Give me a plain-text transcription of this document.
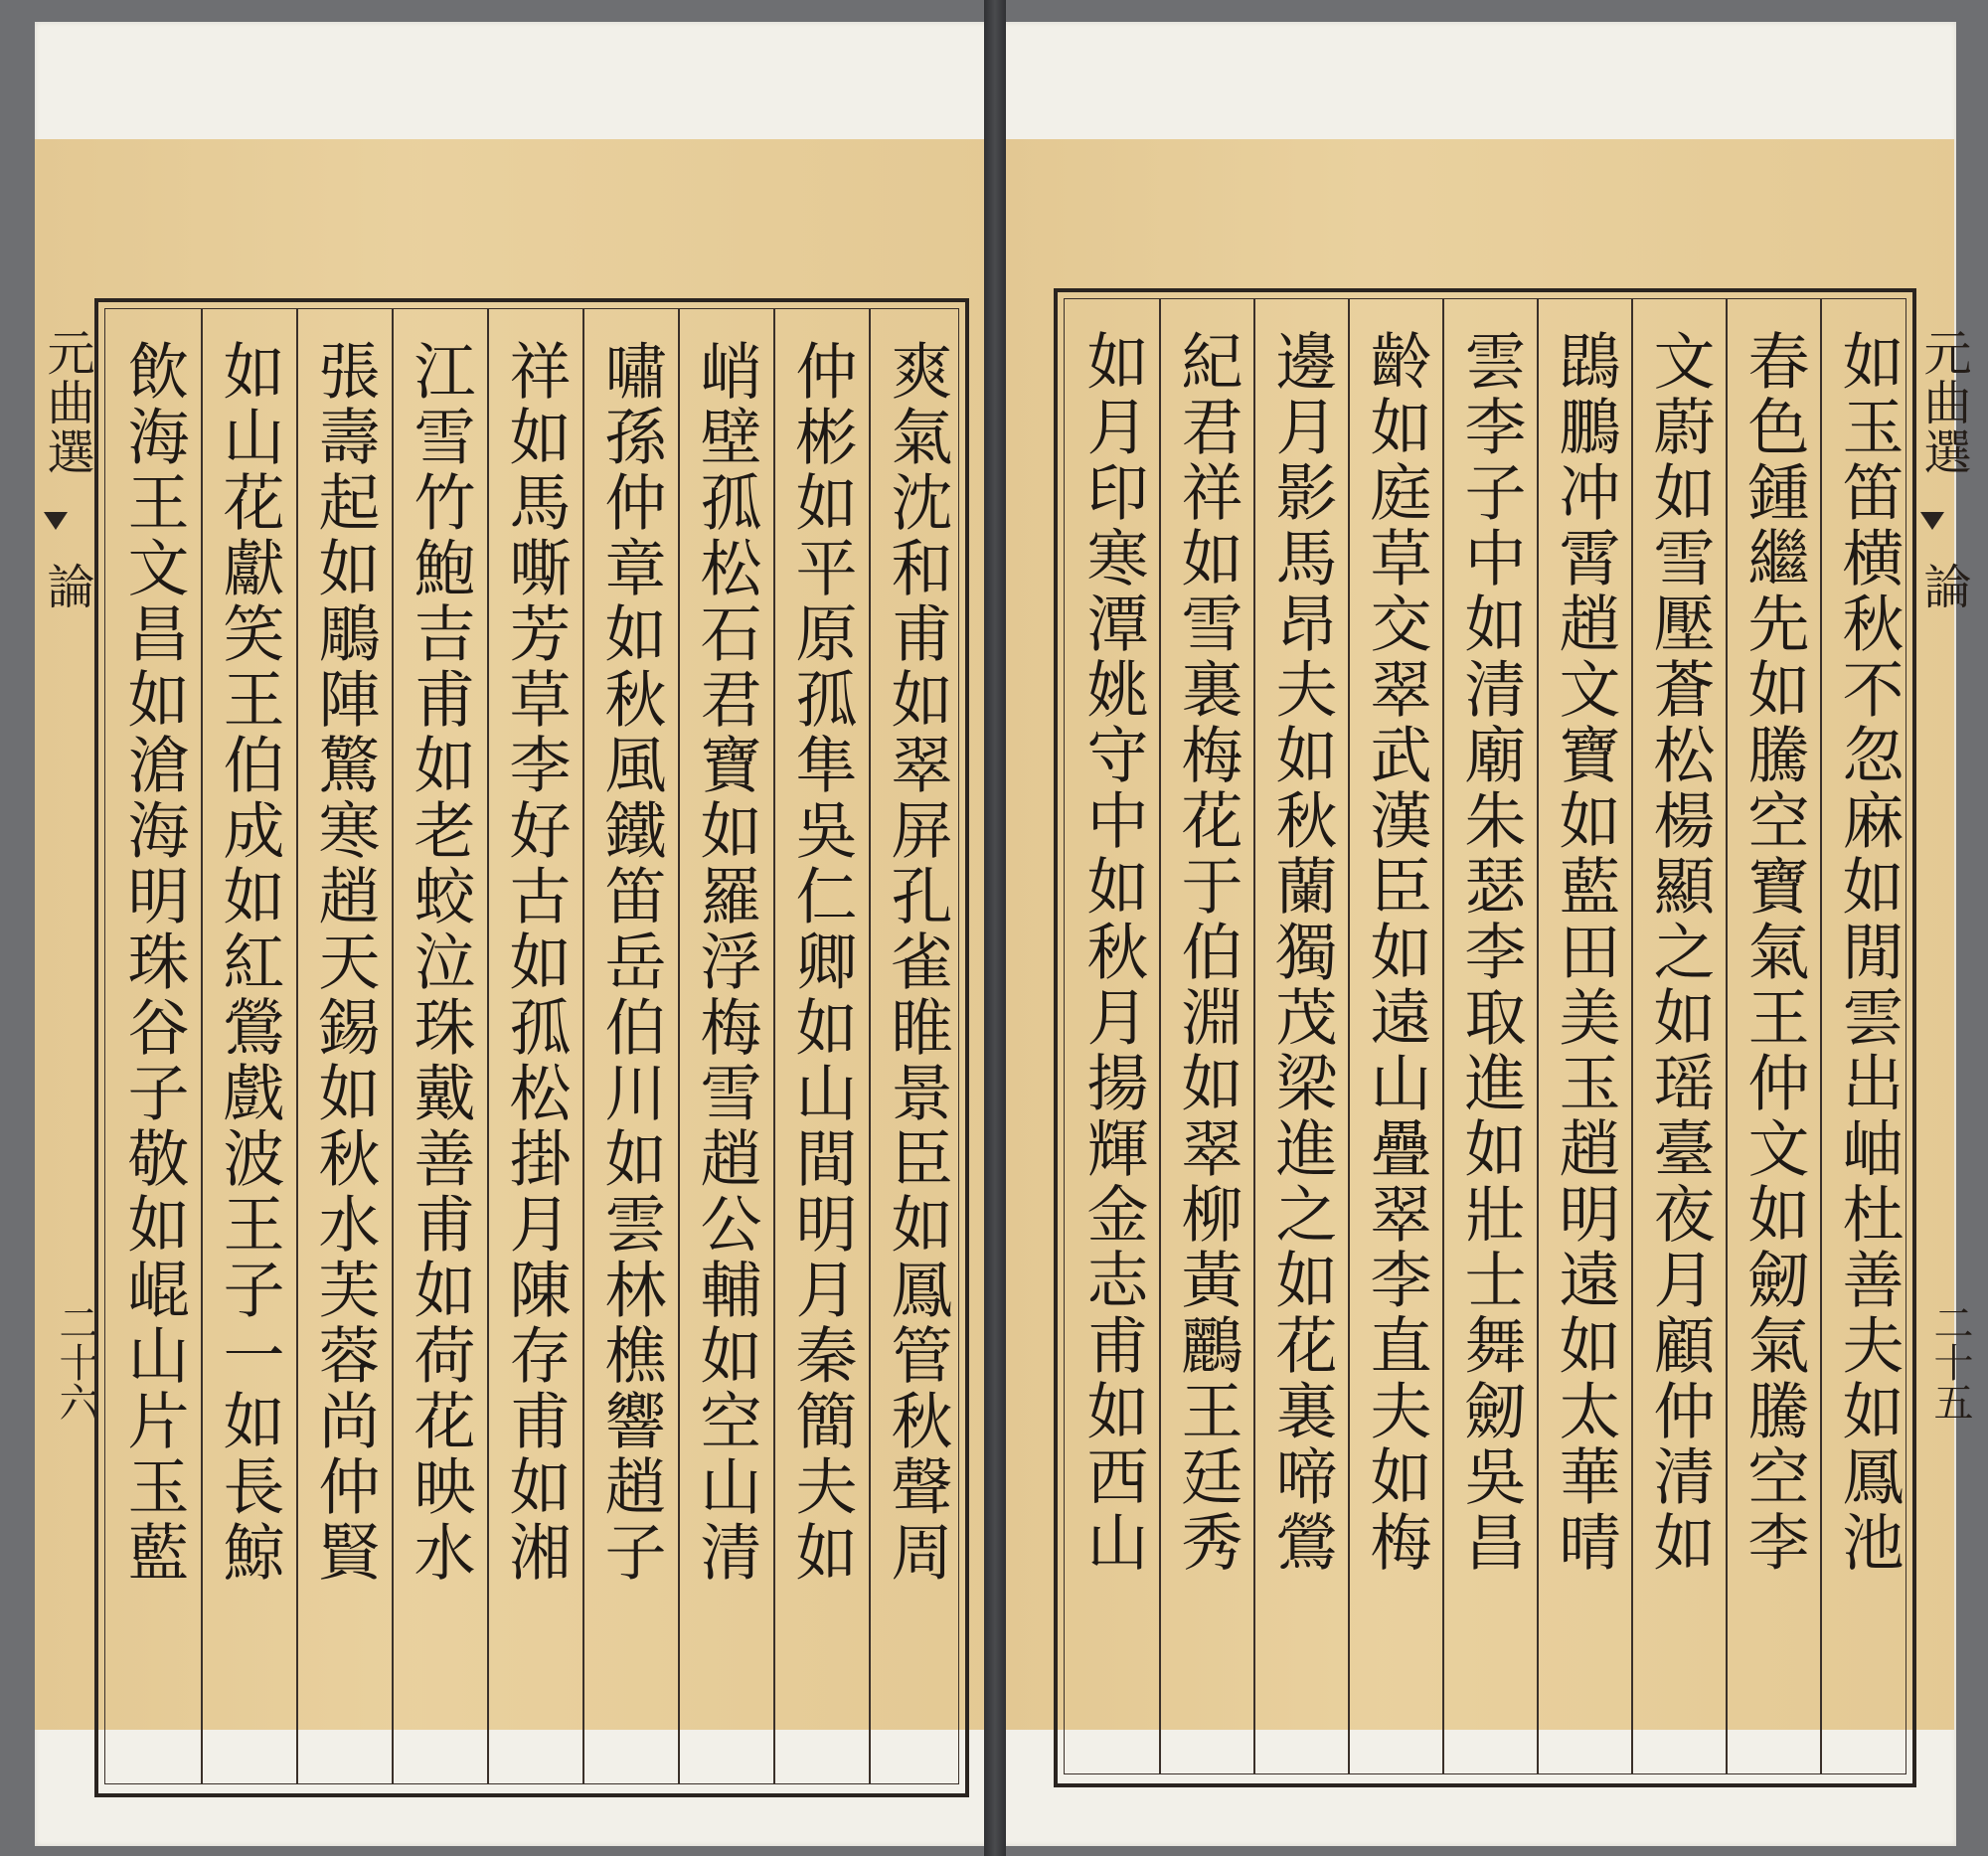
元曲選
論
二十六	爽氣沈和甫如翠屏孔雀睢景臣如鳳管秋聲周
仲彬如平原孤隼吳仁卿如山間明月秦簡夫如
峭壁孤松石君寶如羅浮梅雪趙公輔如空山清
嘯孫仲章如秋風鐵笛岳伯川如雲林樵響趙子
祥如馬嘶芳草李好古如孤松掛月陳存甫如湘
江雪竹鮑吉甫如老蛟泣珠戴善甫如荷花映水
張壽起如鵰陣驚寒趙天錫如秋水芙蓉尚仲賢
如山花獻笑王伯成如紅鶯戲波王子一如長鯨
飲海王文昌如滄海明珠谷子敬如崐山片玉藍	如玉笛横秋不忽麻如閒雲出岫杜善夫如鳳池
春色鍾繼先如騰空寶氣王仲文如劒氣騰空李
文蔚如雪壓蒼松楊顯之如瑶臺夜月顧仲清如
鵾鵬冲霄趙文寶如藍田美玉趙明遠如太華晴
雲李子中如清廟朱瑟李取進如壯士舞劒吳昌
齡如庭草交翠武漢臣如遠山疊翠李直夫如梅
邊月影馬昂夫如秋蘭獨茂梁進之如花裏啼鶯
紀君祥如雪裏梅花于伯淵如翠柳黃鸝王廷秀
如月印寒潭姚守中如秋月揚輝金志甫如西山	元曲選
論
二十五
